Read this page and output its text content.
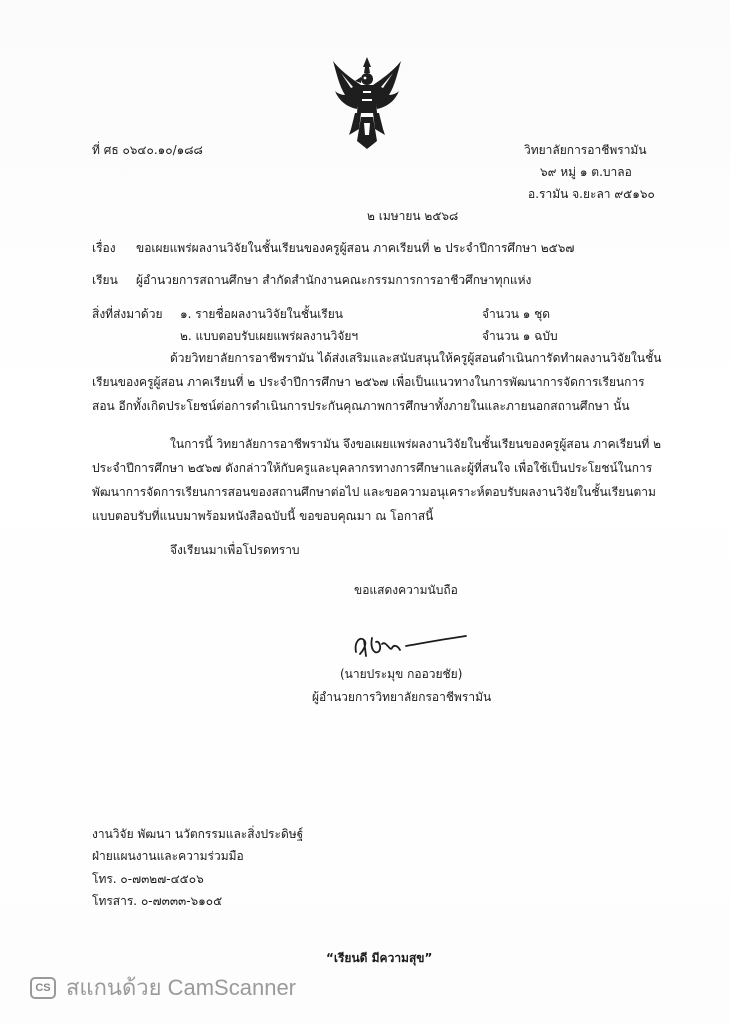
ที่ ศธ ๐๖๔๐.๑๐/๑๘๘	วิทยาลัยการอาชีพรามัน
๖๙ หมู่ ๑ ต.บาลอ
อ.รามัน จ.ยะลา ๙๕๑๖๐
๒ เมษายน ๒๕๖๘
เรื่อง ขอเผยแพร่ผลงานวิจัยในชั้นเรียนของครูผู้สอน ภาคเรียนที่ ๒ ประจำปีการศึกษา ๒๕๖๗
เรียน ผู้อำนวยการสถานศึกษา สำกัดสำนักงานคณะกรรมการการอาชีวศึกษาทุกแห่ง
สิ่งที่ส่งมาด้วย ๑. รายชื่อผลงานวิจัยในชั้นเรียน	จำนวน ๑ ชุด
๒. แบบตอบรับเผยแพร่ผลงานวิจัยฯ	จำนวน ๑ ฉบับ
ด้วยวิทยาลัยการอาชีพรามัน ได้ส่งเสริมและสนับสนุนให้ครูผู้สอนดำเนินการัดทำผลงานวิจัยในชั้น
เรียนของครูผู้สอน ภาคเรียนที่ ๒ ประจำปีการศึกษา ๒๕๖๗ เพื่อเป็นแนวทางในการพัฒนาการจัดการเรียนการ
สอน อีกทั้งเกิดประโยชน์ต่อการดำเนินการประกันคุณภาพการศึกษาทั้งภายในและภายนอกสถานศึกษา นั้น
ในการนี้ วิทยาลัยการอาชีพรามัน จึงขอเผยแพร่ผลงานวิจัยในชั้นเรียนของครูผู้สอน ภาคเรียนที่ ๒
ประจำปีการศึกษา ๒๕๖๗ ดังกล่าวให้กับครูและบุคลากรทางการศึกษาและผู้ที่สนใจ เพื่อใช้เป็นประโยชน์ในการ
พัฒนาการจัดการเรียนการสอนของสถานศึกษาต่อไป และขอความอนุเคราะห์ตอบรับผลงานวิจัยในชั้นเรียนตาม
แบบตอบรับที่แนบมาพร้อมหนังสือฉบับนี้ ขอขอบคุณมา ณ โอกาสนี้
จึงเรียนมาเพื่อโปรดทราบ
ขอแสดงความนับถือ
(นายประมุข กออวยชัย)
ผู้อำนวยการวิทยาลัยกรอาชีพรามัน
งานวิจัย พัฒนา นวัตกรรมและสิ่งประดิษฐ์
ฝ่ายแผนงานและความร่วมมือ
โทร. ๐-๗๓๒๗-๔๕๐๖
โทรสาร. ๐-๗๓๓๓-๖๑๐๕
“เรียนดี มีความสุข”
CS สแกนด้วย CamScanner
